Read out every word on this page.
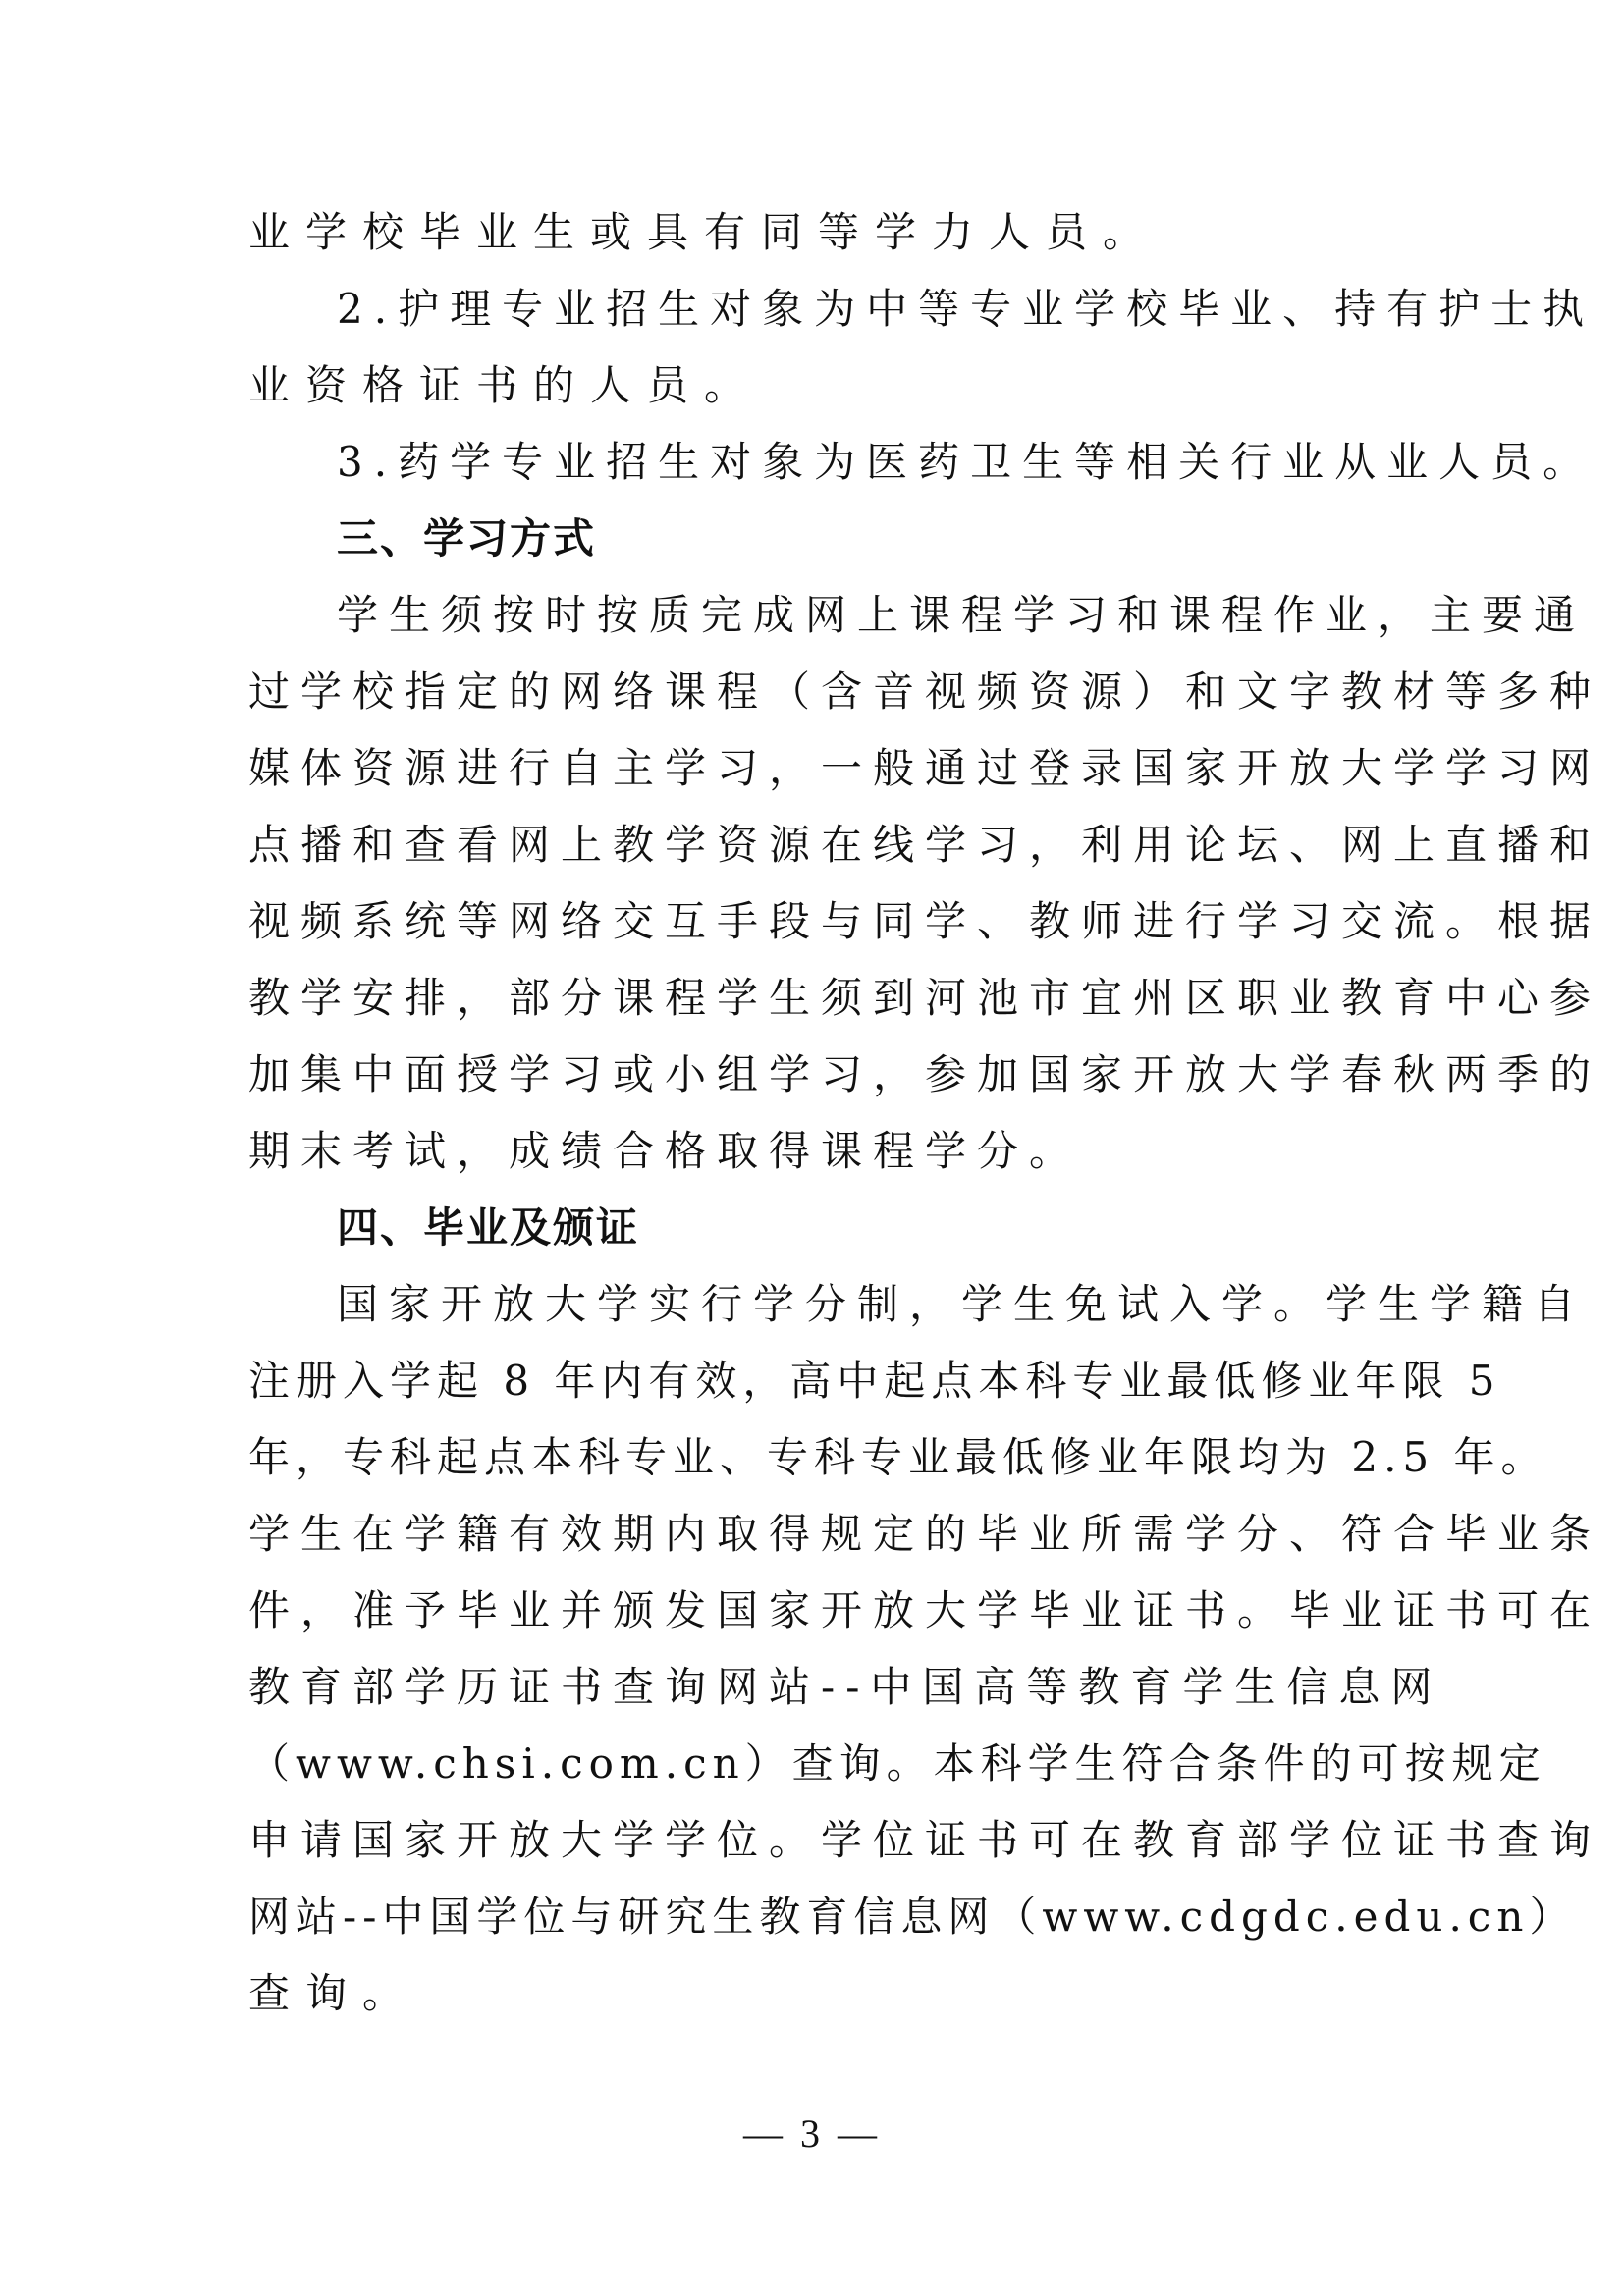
业学校毕业生或具有同等学力人员。
2.护理专业招生对象为中等专业学校毕业、持有护士执
业资格证书的人员。
3.药学专业招生对象为医药卫生等相关行业从业人员。
三、学习方式
学生须按时按质完成网上课程学习和课程作业，主要通
过学校指定的网络课程（含音视频资源）和文字教材等多种
媒体资源进行自主学习，一般通过登录国家开放大学学习网
点播和查看网上教学资源在线学习，利用论坛、网上直播和
视频系统等网络交互手段与同学、教师进行学习交流。根据
教学安排，部分课程学生须到河池市宜州区职业教育中心参
加集中面授学习或小组学习，参加国家开放大学春秋两季的
期末考试，成绩合格取得课程学分。
四、毕业及颁证
国家开放大学实行学分制，学生免试入学。学生学籍自
注册入学起 8 年内有效，高中起点本科专业最低修业年限 5
年，专科起点本科专业、专科专业最低修业年限均为 2.5 年。
学生在学籍有效期内取得规定的毕业所需学分、符合毕业条
件，准予毕业并颁发国家开放大学毕业证书。毕业证书可在
教育部学历证书查询网站--中国高等教育学生信息网
（www.chsi.com.cn）查询。本科学生符合条件的可按规定
申请国家开放大学学位。学位证书可在教育部学位证书查询
网站--中国学位与研究生教育信息网（www.cdgdc.edu.cn）
查询。
— 3 —
